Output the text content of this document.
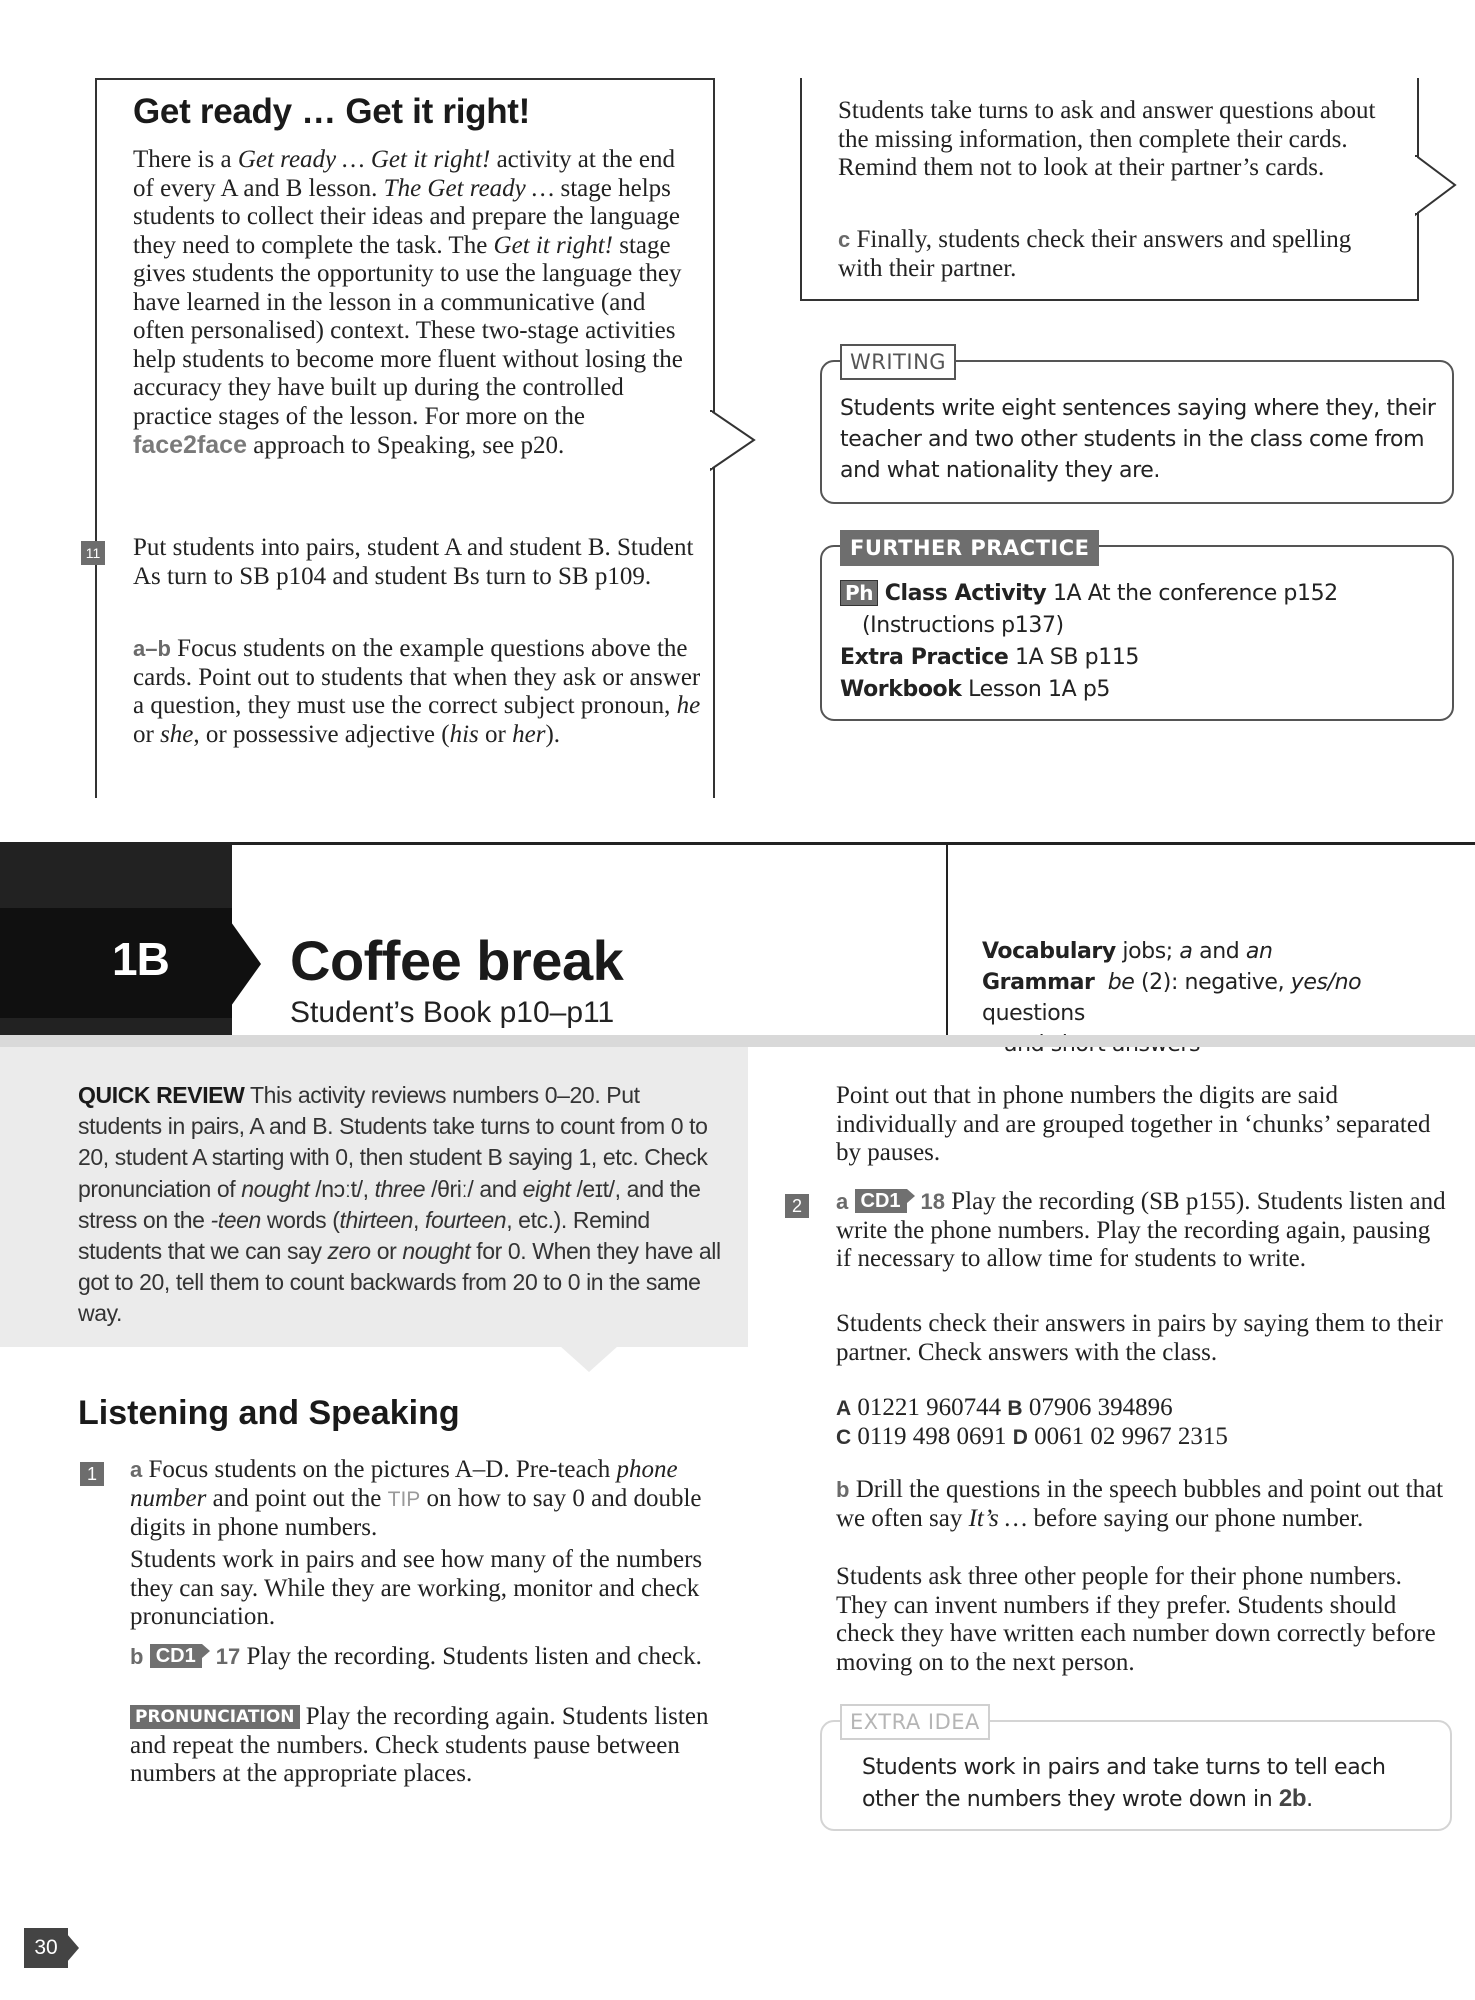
Get ready … Get it right!
There is a Get ready … Get it right! activity at the end of every A and B lesson. The Get ready … stage helps students to collect their ideas and prepare the language they need to complete the task. The Get it right! stage gives students the opportunity to use the language they have learned in the lesson in a communicative (and often personalised) context. These two-stage activities help students to become more fluent without losing the accuracy they have built up during the controlled practice stages of the lesson. For more on the face2face approach to Speaking, see p20.
11 Put students into pairs, student A and student B. Student As turn to SB p104 and student Bs turn to SB p109.
a–b Focus students on the example questions above the cards. Point out to students that when they ask or answer a question, they must use the correct subject pronoun, he or she, or possessive adjective (his or her).
Students take turns to ask and answer questions about the missing information, then complete their cards. Remind them not to look at their partner’s cards.
c Finally, students check their answers and spelling with their partner.
WRITING
Students write eight sentences saying where they, their teacher and two other students in the class come from and what nationality they are.
FURTHER PRACTICE
Ph Class Activity 1A At the conference p152
(Instructions p137)
Extra Practice 1A SB p115
Workbook Lesson 1A p5
1B Coffee break
Student’s Book p10–p11
Vocabulary jobs; a and an
Grammar be (2): negative, yes/no questions
QUICK REVIEW This activity reviews numbers 0–20. Put students in pairs, A and B. Students take turns to count from 0 to 20, student A starting with 0, then student B saying 1, etc. Check pronunciation of nought /nɔːt/, three /θriː/ and eight /eɪt/, and the stress on the -teen words (thirteen, fourteen, etc.). Remind students that we can say zero or nought for 0. When they have all got to 20, tell them to count backwards from 20 to 0 in the same way.
Listening and Speaking
1	a Focus students on the pictures A–D. Pre-teach phone number and point out the TIP on how to say 0 and double digits in phone numbers.
Students work in pairs and see how many of the numbers they can say. While they are working, monitor and check pronunciation.
b CD1 17 Play the recording. Students listen and check.
PRONUNCIATION Play the recording again. Students listen and repeat the numbers. Check students pause between numbers at the appropriate places.
Point out that in phone numbers the digits are said individually and are grouped together in ‘chunks’ separated by pauses.
2	a CD1 18 Play the recording (SB p155). Students listen and write the phone numbers. Play the recording again, pausing if necessary to allow time for students to write.
Students check their answers in pairs by saying them to their partner. Check answers with the class.
A 01221 960744 B 07906 394896
C 0119 498 0691 D 0061 02 9967 2315
b Drill the questions in the speech bubbles and point out that we often say It’s … before saying our phone number.
Students ask three other people for their phone numbers. They can invent numbers if they prefer. Students should check they have written each number down correctly before moving on to the next person.
EXTRA IDEA
Students work in pairs and take turns to tell each other the numbers they wrote down in 2b.
30
